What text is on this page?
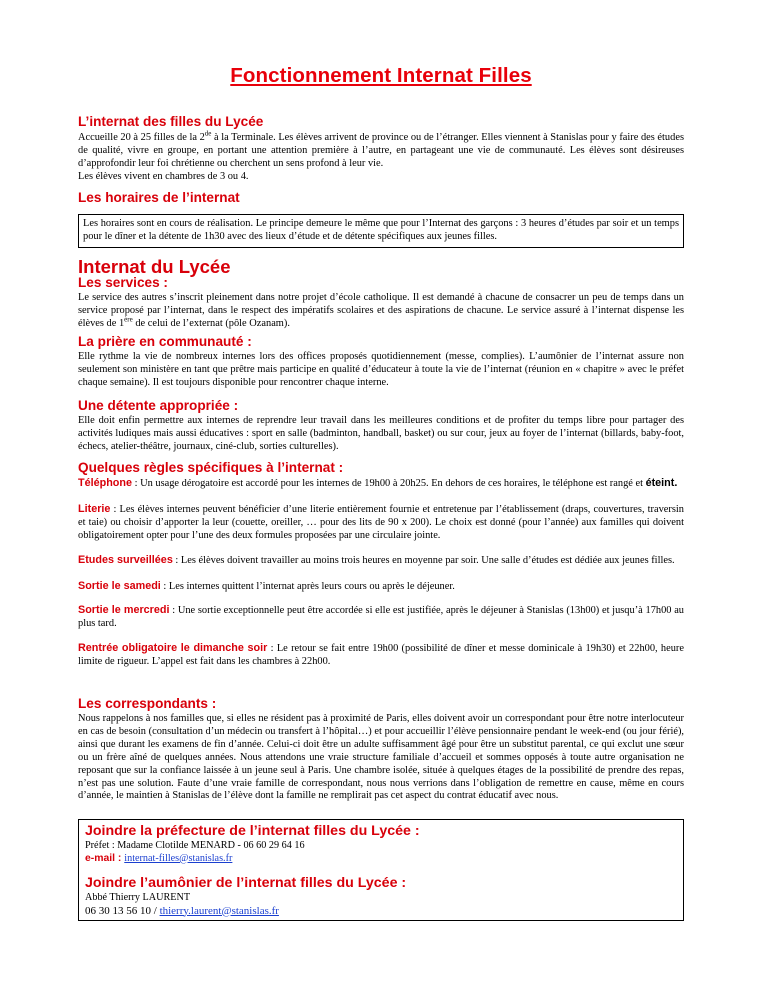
Fonctionnement Internat Filles
L’internat des filles du Lycée

Accueille 20 à 25 filles de la 2de à la Terminale. Les élèves arrivent de province ou de l’étranger. Elles viennent à Stanislas pour y faire des études de qualité, vivre en groupe, en portant une attention première à l’autre, en partageant une vie de communauté. Les élèves sont désireuses d’approfondir leur foi chrétienne ou cherchent un sens profond à leur vie.
Les élèves vivent en chambres de 3 ou 4.

Les horaires de l’internat

Les horaires sont en cours de réalisation. Le principe demeure le même que pour l’Internat des garçons : 3 heures d’études par soir et un temps pour le dîner et la détente de 1h30 avec des lieux d’étude et de détente spécifiques aux jeunes filles.

Internat du Lycée
Les services :

Le service des autres s’inscrit pleinement dans notre projet d’école catholique. Il est demandé à chacune de consacrer un peu de temps dans un service proposé par l’internat, dans le respect des impératifs scolaires et des aspirations de chacune. Le service assuré à l’internat dispense les élèves de 1ère de celui de l’externat (pôle Ozanam).

La prière en communauté :

Elle rythme la vie de nombreux internes lors des offices proposés quotidiennement (messe, complies). L’aumônier de l’internat assure non seulement son ministère en tant que prêtre mais participe en qualité d’éducateur à toute la vie de l’internat (réunion en « chapitre » avec le préfet chaque semaine). Il est toujours disponible pour rencontrer chaque interne.

Une détente appropriée :

Elle doit enfin permettre aux internes de reprendre leur travail dans les meilleures conditions et de profiter du temps libre pour partager des activités ludiques mais aussi éducatives : sport en salle (badminton, handball, basket) ou sur cour, jeux au foyer de l’internat (billards, baby-foot, échecs, atelier-théâtre, journaux, ciné-club, sorties culturelles).

Quelques règles spécifiques à l’internat :

Téléphone : Un usage dérogatoire est accordé pour les internes de 19h00 à 20h25. En dehors de ces horaires, le téléphone est rangé et éteint.

Literie : Les élèves internes peuvent bénéficier d’une literie entièrement fournie et entretenue par l’établissement (draps, couvertures, traversin et taie) ou choisir d’apporter la leur (couette, oreiller, … pour des lits de 90 x 200). Le choix est donné (pour l’année) aux familles qui doivent obligatoirement opter pour l’une des deux formules proposées par une circulaire jointe.

Etudes surveillées : Les élèves doivent travailler au moins trois heures en moyenne par soir. Une salle d’études est dédiée aux jeunes filles.

Sortie le samedi : Les internes quittent l’internat après leurs cours ou après le déjeuner.

Sortie le mercredi : Une sortie exceptionnelle peut être accordée si elle est justifiée, après le déjeuner à Stanislas (13h00) et jusqu’à 17h00 au plus tard.

Rentrée obligatoire le dimanche soir : Le retour se fait entre 19h00 (possibilité de dîner et messe dominicale à 19h30) et 22h00, heure limite de rigueur. L’appel est fait dans les chambres à 22h00.

Les correspondants :

Nous rappelons à nos familles que, si elles ne résident pas à proximité de Paris, elles doivent avoir un correspondant pour être notre interlocuteur en cas de besoin (consultation d’un médecin ou transfert à l’hôpital…) et pour accueillir l’élève pensionnaire pendant le week-end (ou jour férié), ainsi que durant les examens de fin d’année. Celui-ci doit être un adulte suffisamment âgé pour être un substitut parental, ce qui exclut une sœur ou un frère aîné de quelques années. Nous attendons une vraie structure familiale d’accueil et sommes opposés à toute autre organisation ne reposant que sur la confiance laissée à un jeune seul à Paris. Une chambre isolée, située à quelques étages de la possibilité de prendre des repas, n’est pas une solution. Faute d’une vraie famille de correspondant, nous nous verrions dans l’obligation de remettre en cause, même en cours d’année, le maintien à Stanislas de l’élève dont la famille ne remplirait pas cet aspect du contrat éducatif avec nous.

Joindre la préfecture de l’internat filles du Lycée :
Préfet : Madame Clotilde MENARD - 06 60 29 64 16
e-mail : internat-filles@stanislas.fr
Joindre l’aumônier de l’internat filles du Lycée :
Abbé Thierry LAURENT
06 30 13 56 10 / thierry.laurent@stanislas.fr
